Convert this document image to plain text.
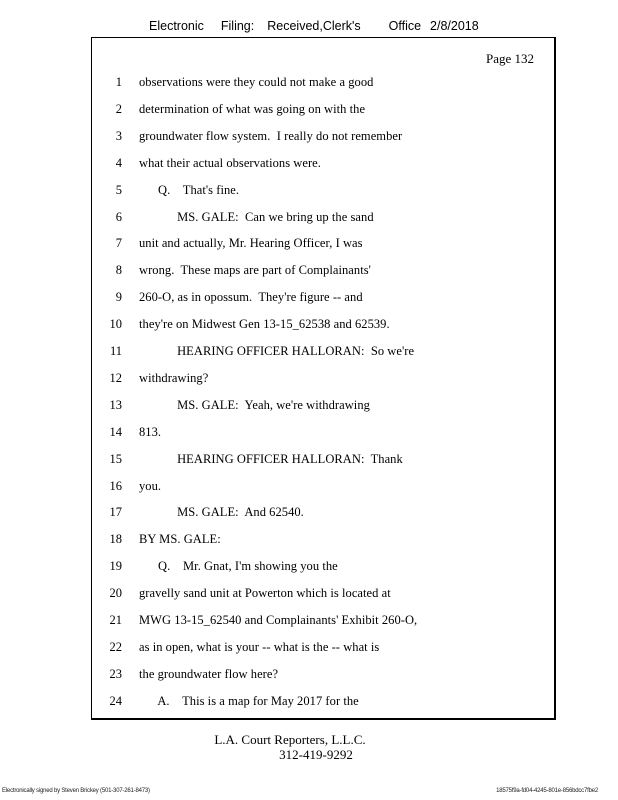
Electronic Filing: Received,Clerk's Office 2/8/2018
Page 132
1 observations were they could not make a good
2 determination of what was going on with the
3 groundwater flow system.  I really do not remember
4 what their actual observations were.
5 Q.    That's fine.
6 MS. GALE:  Can we bring up the sand
7 unit and actually, Mr. Hearing Officer, I was
8 wrong.  These maps are part of Complainants'
9 260-O, as in opossum.  They're figure -- and
10 they're on Midwest Gen 13-15_62538 and 62539.
11 HEARING OFFICER HALLORAN:  So we're
12 withdrawing?
13 MS. GALE:  Yeah, we're withdrawing
14 813.
15 HEARING OFFICER HALLORAN:  Thank
16 you.
17 MS. GALE:  And 62540.
18 BY MS. GALE:
19 Q.    Mr. Gnat, I'm showing you the
20 gravelly sand unit at Powerton which is located at
21 MWG 13-15_62540 and Complainants' Exhibit 260-O,
22 as in open, what is your -- what is the -- what is
23 the groundwater flow here?
24 A.    This is a map for May 2017 for the
L.A. Court Reporters, L.L.C.
312-419-9292
Electronically signed by Steven Brickey (501-307-261-8473)	18575f9a-fd04-4245-801e-856bdcc7fbe2
